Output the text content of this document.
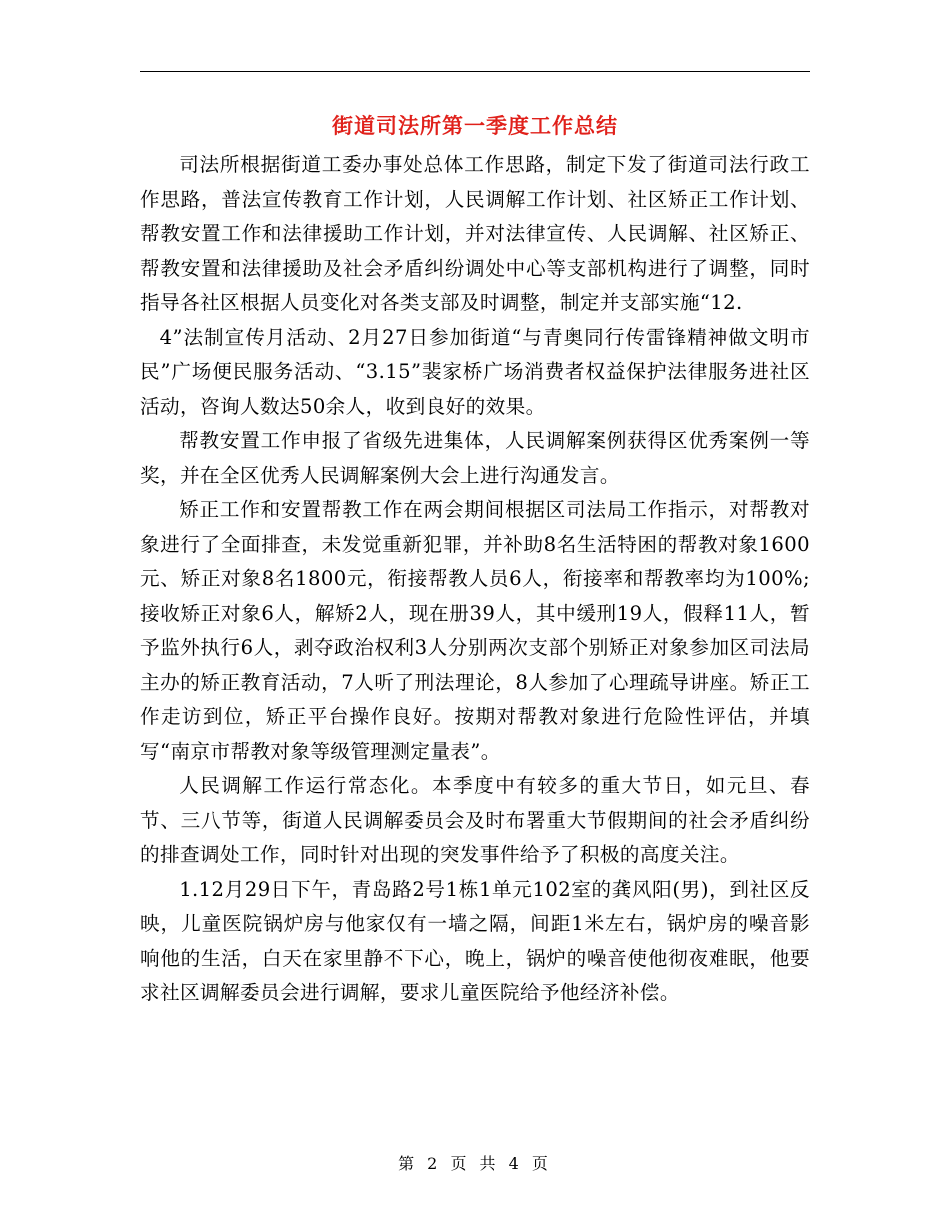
街道司法所第一季度工作总结

司法所根据街道工委办事处总体工作思路，制定下发了街道司法行政工作思路，普法宣传教育工作计划，人民调解工作计划、社区矫正工作计划、帮教安置工作和法律援助工作计划，并对法律宣传、人民调解、社区矫正、帮教安置和法律援助及社会矛盾纠纷调处中心等支部机构进行了调整，同时指导各社区根据人员变化对各类支部及时调整，制定并支部实施“12.

4”法制宣传月活动、2月27日参加街道“与青奥同行传雷锋精神做文明市民”广场便民服务活动、“3.15”裴家桥广场消费者权益保护法律服务进社区活动，咨询人数达50余人，收到良好的效果。

帮教安置工作申报了省级先进集体，人民调解案例获得区优秀案例一等奖，并在全区优秀人民调解案例大会上进行沟通发言。

矫正工作和安置帮教工作在两会期间根据区司法局工作指示，对帮教对象进行了全面排查，未发觉重新犯罪，并补助8名生活特困的帮教对象1600元、矫正对象8名1800元，衔接帮教人员6人，衔接率和帮教率均为100%;接收矫正对象6人，解矫2人，现在册39人，其中缓刑19人，假释11人，暂予监外执行6人，剥夺政治权利3人分别两次支部个别矫正对象参加区司法局主办的矫正教育活动，7人听了刑法理论，8人参加了心理疏导讲座。矫正工作走访到位，矫正平台操作良好。按期对帮教对象进行危险性评估，并填写“南京市帮教对象等级管理测定量表”。

人民调解工作运行常态化。本季度中有较多的重大节日，如元旦、春节、三八节等，街道人民调解委员会及时布署重大节假期间的社会矛盾纠纷的排查调处工作，同时针对出现的突发事件给予了积极的高度关注。

1.12月29日下午，青岛路2号1栋1单元102室的龚风阳(男)，到社区反映，儿童医院锅炉房与他家仅有一墙之隔，间距1米左右，锅炉房的噪音影响他的生活，白天在家里静不下心，晚上，锅炉的噪音使他彻夜难眠，他要求社区调解委员会进行调解，要求儿童医院给予他经济补偿。

第 2 页 共 4 页
